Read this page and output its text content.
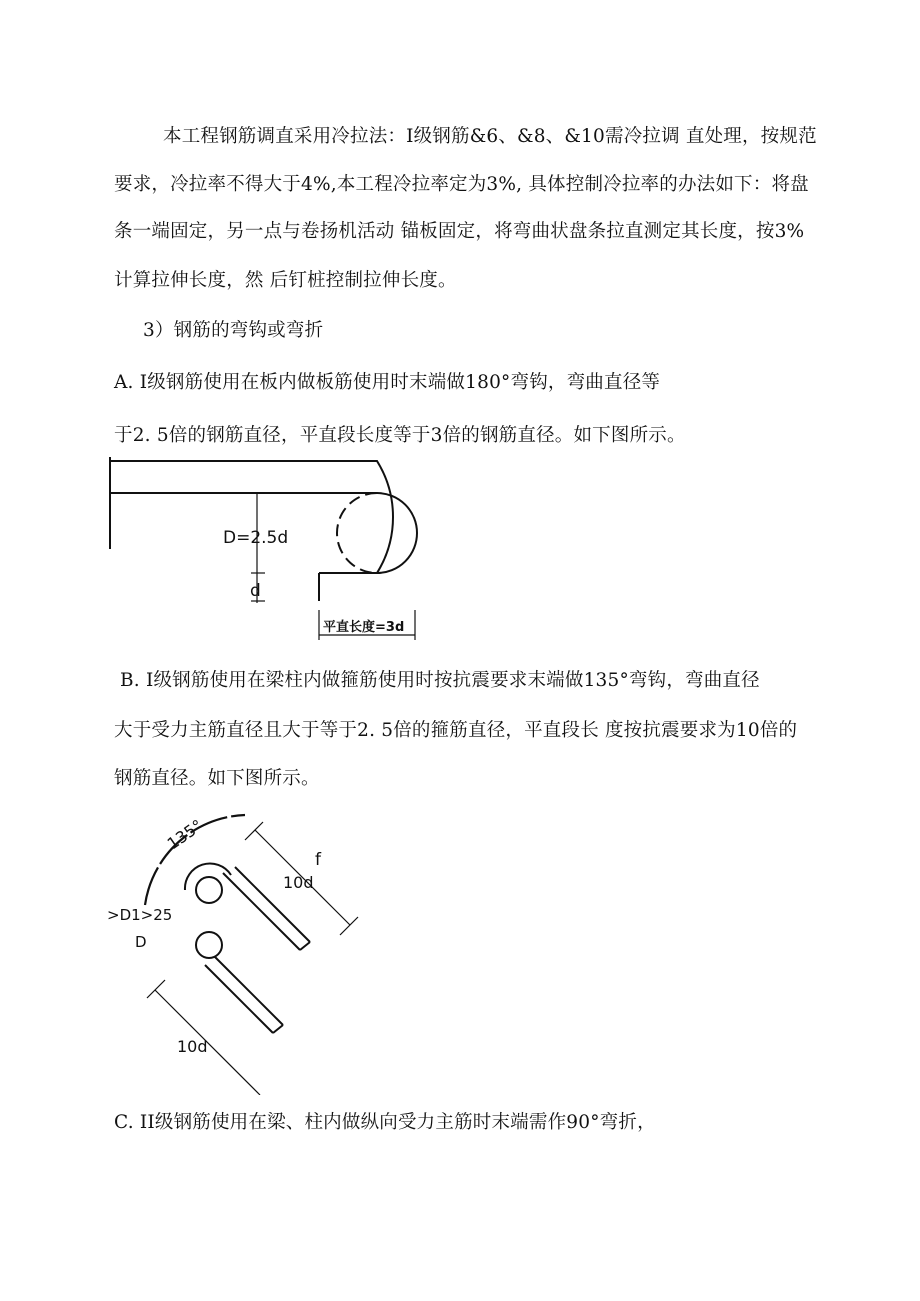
本工程钢筋调直采用冷拉法：I级钢筋&6、&8、&10需冷拉调 直处理，按规范
要求，冷拉率不得大于4%,本工程冷拉率定为3%, 具体控制冷拉率的办法如下：将盘
条一端固定，另一点与卷扬机活动 锚板固定，将弯曲状盘条拉直测定其长度，按3%
计算拉伸长度，然 后钉桩控制拉伸长度。
3）钢筋的弯钩或弯折
A. I级钢筋使用在板内做板筋使用时末端做180°弯钩，弯曲直径等
于2. 5倍的钢筋直径，平直段长度等于3倍的钢筋直径。如下图所示。
D=2.5d
d
平直长度=3d
B. I级钢筋使用在梁柱内做箍筋使用时按抗震要求末端做135°弯钩，弯曲直径
大于受力主筋直径且大于等于2. 5倍的箍筋直径，平直段长 度按抗震要求为10倍的
钢筋直径。如下图所示。
135°
10d
10d
>D1>25
D
f
C. II级钢筋使用在梁、柱内做纵向受力主筋时末端需作90°弯折，
